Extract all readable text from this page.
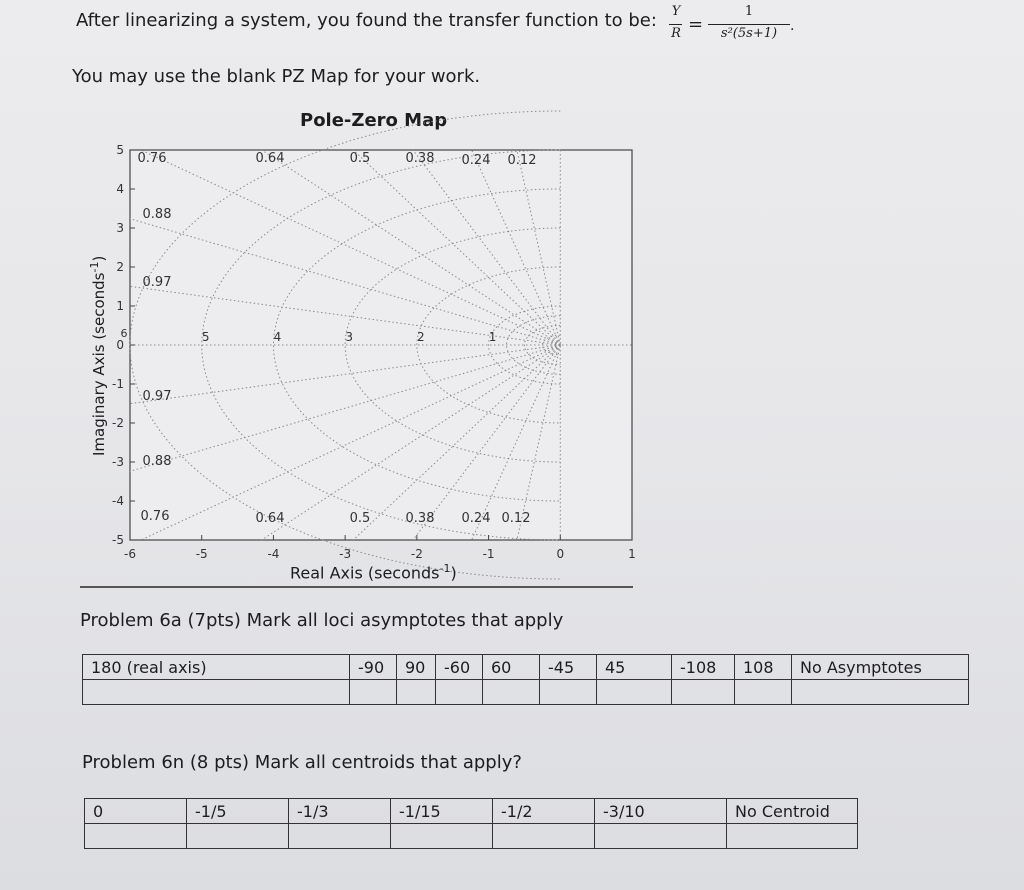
After linearizing a system, you found the transfer function to be: Y
R =
1
s²(5s+1) .
You may use the blank PZ Map for your work.
Pole-Zero Map
6	5	4	3	2	1
0.76
0.76
0.64
0.64
0.5
0.5
0.38
0.38
0.24
0.24
0.12
0.12
0.88
0.88
0.97
0.97
-6	-5	-4	-3	-2	-1	0	1
5
4
3
2
1
0
-1
-2
-3
-4
-5
Imaginary Axis (seconds$^{-1}$)
Real Axis (seconds$^{-1}$)
Problem 6a (7pts) Mark all loci asymptotes that apply
180 (real axis)	-90	90	-60	60	-45	45	-108	108	No Asymptotes

Problem 6n (8 pts) Mark all centroids that apply?
0	-1/5	-1/3	-1/15	-1/2	-3/10	No Centroid
